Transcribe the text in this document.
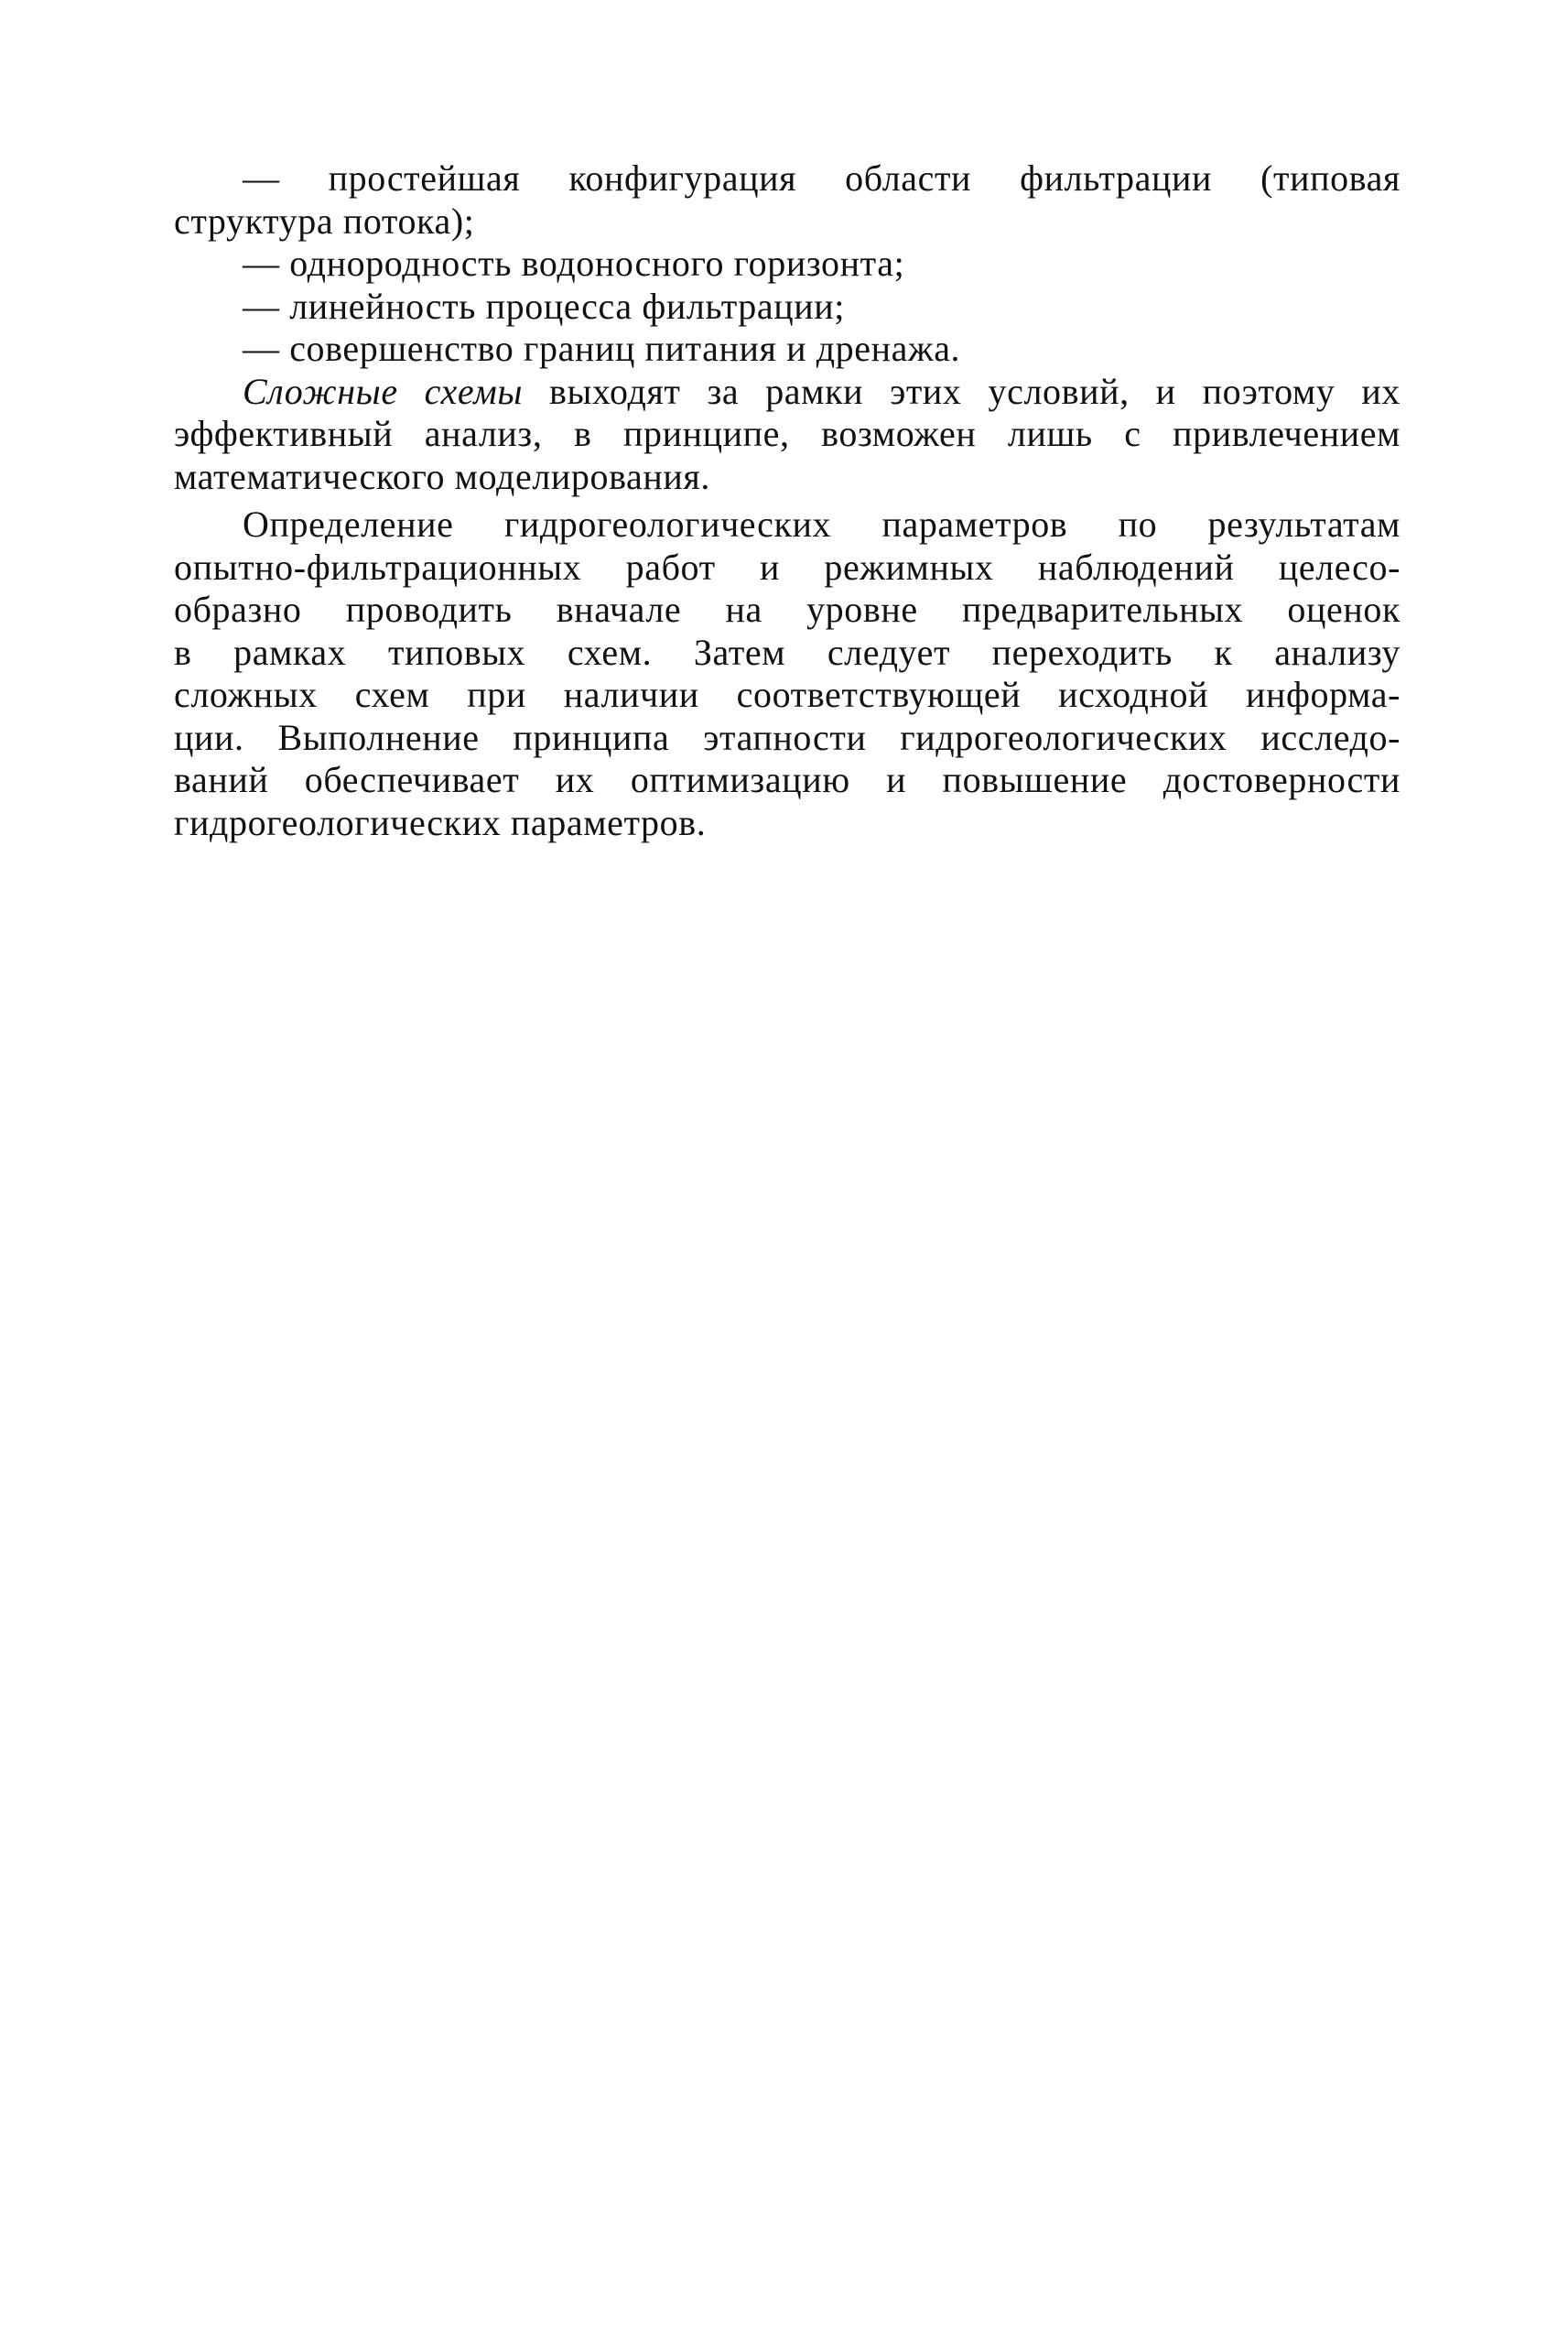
— простейшая конфигурация области фильтрации (типовая
структура потока);
— однородность водоносного горизонта;
— линейность процесса фильтрации;
— совершенство границ питания и дренажа.
Сложные схемы выходят за рамки этих условий, и поэтому их
эффективный анализ, в принципе, возможен лишь с привлечением
математического моделирования.
Определение гидрогеологических параметров по результатам
опытно-фильтрационных работ и режимных наблюдений целесо-
образно проводить вначале на уровне предварительных оценок
в рамках типовых схем. Затем следует переходить к анализу
сложных схем при наличии соответствующей исходной информа-
ции. Выполнение принципа этапности гидрогеологических исследо-
ваний обеспечивает их оптимизацию и повышение достоверности
гидрогеологических параметров.
